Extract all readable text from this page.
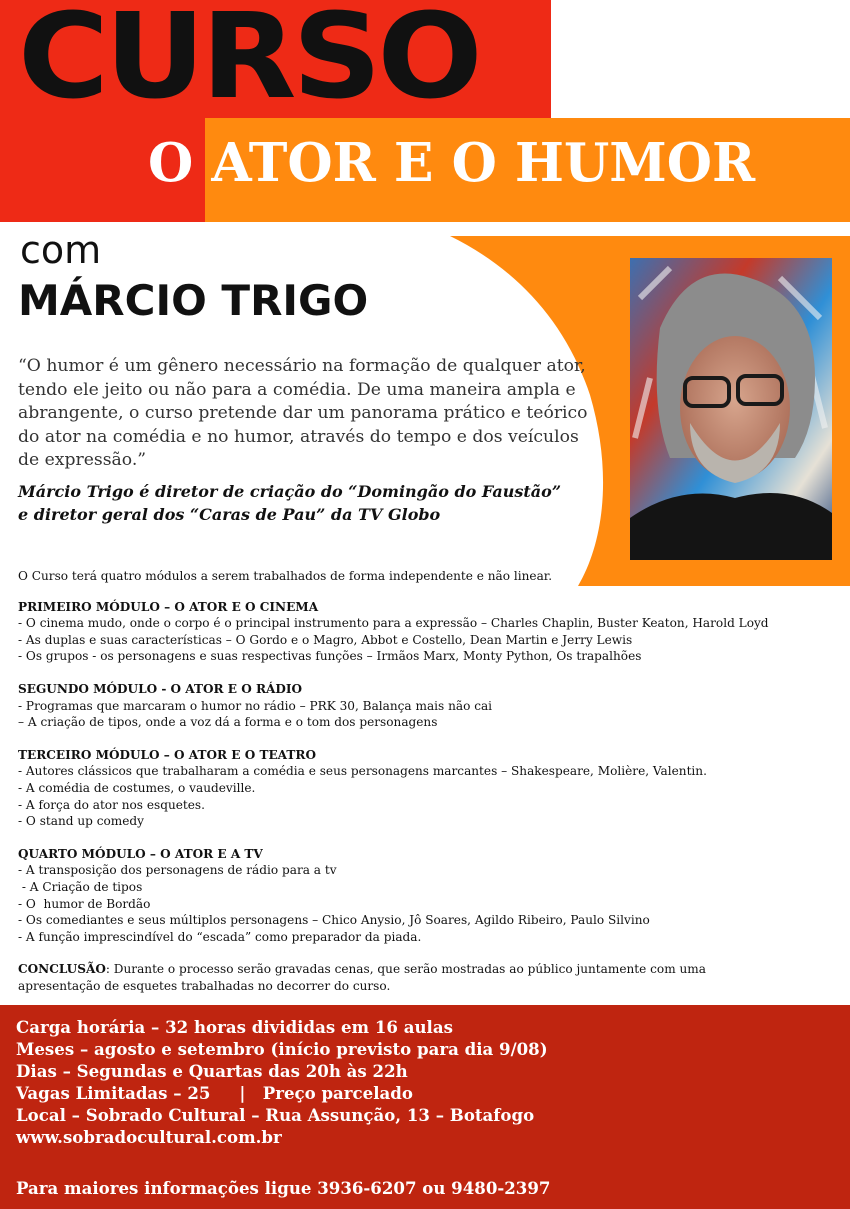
CURSO
O ATOR E O HUMOR
com
MÁRCIO TRIGO
“O humor é um gênero necessário na formação de qualquer ator, tendo ele jeito ou não para a comédia. De uma maneira ampla e abrangente, o curso pretende dar um panorama prático e teórico do ator na comédia e no humor, através do tempo e dos veículos de expressão.”
Márcio Trigo é diretor de criação do “Domingão do Faustão”
e diretor geral dos “Caras de Pau” da TV Globo

O Curso terá quatro módulos a serem trabalhados de forma independente e não linear.

PRIMEIRO MÓDULO – O ATOR E O CINEMA

- O cinema mudo, onde o corpo é o principal instrumento para a expressão – Charles Chaplin, Buster Keaton, Harold Loyd

- As duplas e suas características – O Gordo e o Magro, Abbot e Costello, Dean Martin e Jerry Lewis

- Os grupos - os personagens e suas respectivas funções – Irmãos Marx, Monty Python, Os trapalhões

SEGUNDO MÓDULO - O ATOR E O RÁDIO

- Programas que marcaram o humor no rádio – PRK 30, Balança mais não cai

– A criação de tipos, onde a voz dá a forma e o tom dos personagens

TERCEIRO MÓDULO – O ATOR E O TEATRO

- Autores clássicos que trabalharam a comédia e seus personagens marcantes – Shakespeare, Molière, Valentin.

- A comédia de costumes, o vaudeville.

- A força do ator nos esquetes.

- O stand up comedy

QUARTO MÓDULO – O ATOR E A TV

- A transposição dos personagens de rádio para a tv

- A Criação de tipos

- O  humor de Bordão

- Os comediantes e seus múltiplos personagens – Chico Anysio, Jô Soares, Agildo Ribeiro, Paulo Silvino

- A função imprescindível do “escada” como preparador da piada.

CONCLUSÃO: Durante o processo serão gravadas cenas, que serão mostradas ao público juntamente com uma

apresentação de esquetes trabalhadas no decorrer do curso.

Carga horária – 32 horas divididas em 16 aulas

Meses – agosto e setembro (início previsto para dia 9/08)

Dias – Segundas e Quartas das 20h às 22h

Vagas Limitadas – 25     |   Preço parcelado

Local – Sobrado Cultural – Rua Assunção, 13 – Botafogo

www.sobradocultural.com.br

Para maiores informações ligue 3936-6207 ou 9480-2397
